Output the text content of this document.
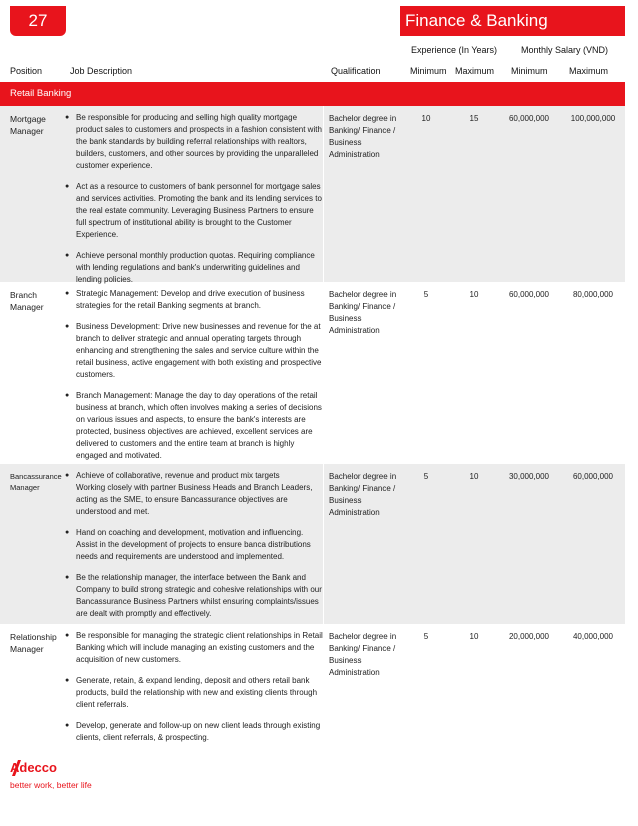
27	Finance & Banking
Experience (In Years)	Monthly Salary (VND)
Position	Job Description	Qualification	Minimum Maximum Minimum Maximum
Retail Banking
Mortgage Manager
● Be responsible for producing and selling high quality mortgage product sales to customers and prospects in a fashion consistent with the bank standards by building referral relationships with realtors, builders, customers, and other sources by providing the unparalleled customer experience.
● Act as a resource to customers of bank personnel for mortgage sales and services activities. Promoting the bank and its lending services to the real estate community. Leveraging Business Partners to ensure full spectrum of institutional ability is brought to the Customer Experience.
● Achieve personal monthly production quotas. Requiring compliance with lending regulations and bank's underwriting guidelines and lending policies.
Bachelor degree in Banking/ Finance / Business Administration
10	15	60,000,000	100,000,000
Branch Manager
● Strategic Management: Develop and drive execution of business strategies for the retail Banking segments at branch.
● Business Development: Drive new businesses and revenue for the at branch to deliver strategic and annual operating targets through enhancing and strengthening the sales and service culture within the retail business, active engagement with both existing and prospective customers.
● Branch Management: Manage the day to day operations of the retail business at branch, which often involves making a series of decisions on various issues and aspects, to ensure the bank's interests are protected, business objectives are achieved, excellent services are delivered to customers and the entire team at branch is highly engaged and motivated.
Bachelor degree in Banking/ Finance / Business Administration
5	10	60,000,000	80,000,000
Bancassurance Manager
● Achieve of collaborative, revenue and product mix targets
Working closely with partner Business Heads and Branch Leaders, acting as the SME, to ensure Bancassurance objectives are understood and met.
● Hand on coaching and development, motivation and influencing. Assist in the development of projects to ensure banca distributions needs and requirements are understood and implemented.
● Be the relationship manager, the interface between the Bank and Company to build strong strategic and cohesive relationships with our Bancassurance Business Partners whilst ensuring complaints/issues are dealt with promptly and effectively.
Bachelor degree in Banking/ Finance / Business Administration
5	10	30,000,000	60,000,000
Relationship Manager
● Be responsible for managing the strategic client relationships in Retail Banking which will include managing an existing customers and the acquisition of new customers.
● Generate, retain, & expand lending, deposit and others retail bank products, build the relationship with new and existing clients through client referrals.
● Develop, generate and follow-up on new client leads through existing clients, client referrals, & prospecting.
Bachelor degree in Banking/ Finance / Business Administration
5	10	20,000,000	40,000,000
Adecco
better work, better life
